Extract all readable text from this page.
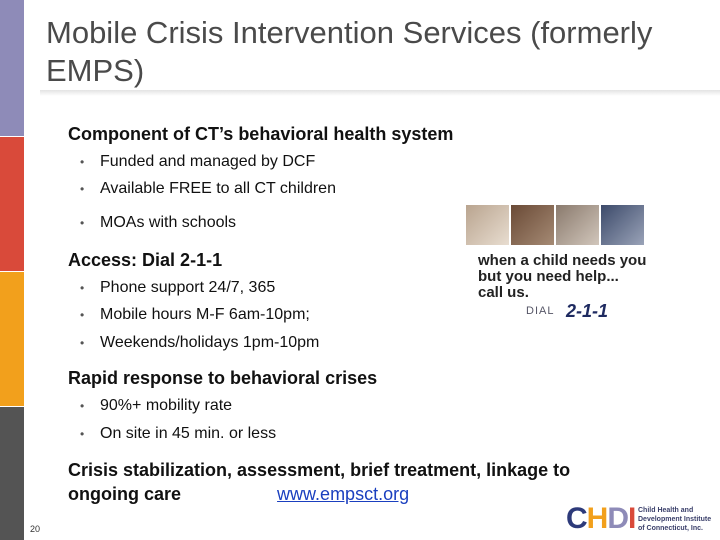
Mobile Crisis Intervention Services (formerly EMPS)
Component of CT’s behavioral health system
• Funded and managed by DCF
• Available FREE to all CT children
• MOAs with schools
Access: Dial 2-1-1
• Phone support 24/7, 365
• Mobile hours M-F 6am-10pm;
• Weekends/holidays 1pm-10pm
Rapid response to behavioral crises
• 90%+ mobility rate
• On site in 45 min. or less
Crisis stabilization, assessment, brief treatment, linkage to
ongoing care	www.empsct.org
when a child needs you
but you need help...
call us.
DIAL 2-1-1
20	CHDI Child Health and
Development Institute
of Connecticut, Inc.
